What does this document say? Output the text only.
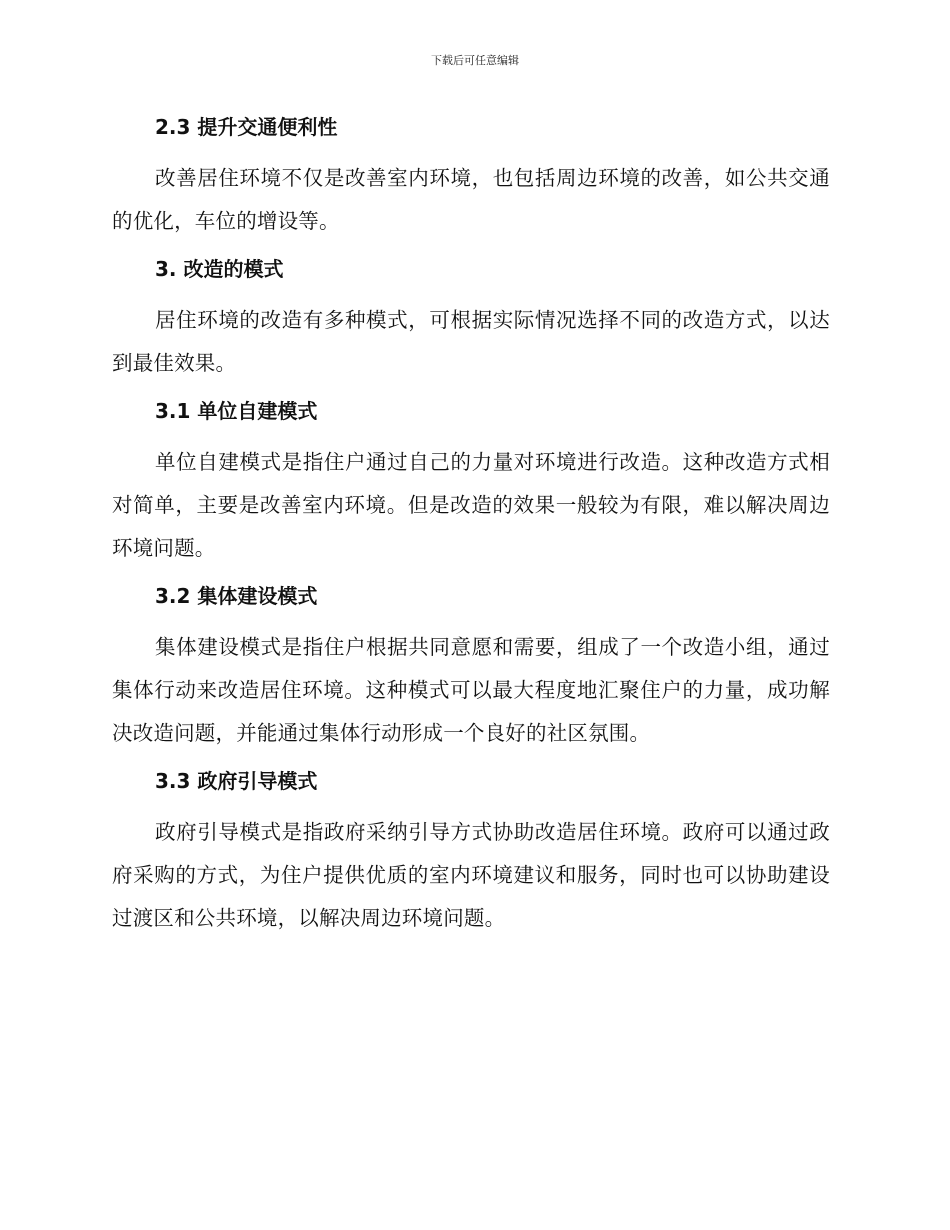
下载后可任意编辑
2.3 提升交通便利性

改善居住环境不仅是改善室内环境，也包括周边环境的改善，如公共交通的优化，车位的增设等。

3. 改造的模式

居住环境的改造有多种模式，可根据实际情况选择不同的改造方式，以达到最佳效果。

3.1 单位自建模式

单位自建模式是指住户通过自己的力量对环境进行改造。这种改造方式相对简单，主要是改善室内环境。但是改造的效果一般较为有限，难以解决周边环境问题。

3.2 集体建设模式

集体建设模式是指住户根据共同意愿和需要，组成了一个改造小组，通过集体行动来改造居住环境。这种模式可以最大程度地汇聚住户的力量，成功解决改造问题，并能通过集体行动形成一个良好的社区氛围。

3.3 政府引导模式

政府引导模式是指政府采纳引导方式协助改造居住环境。政府可以通过政府采购的方式，为住户提供优质的室内环境建议和服务，同时也可以协助建设过渡区和公共环境，以解决周边环境问题。
